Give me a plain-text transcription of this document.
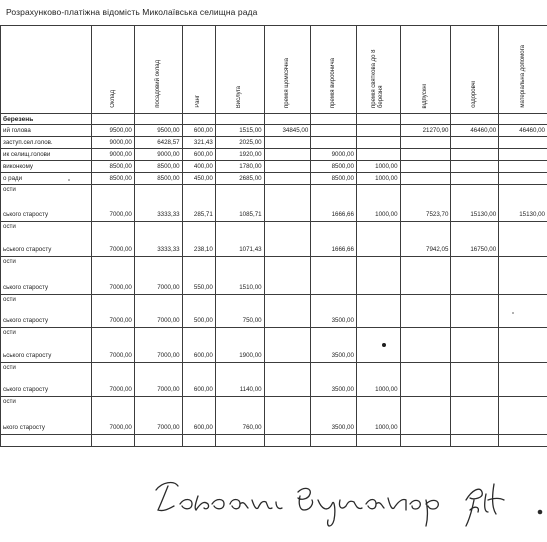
Розрахунково-платіжна відомість Миколаївська селищна рада
	Оклад	посадовий оклад	Ранг	Вислуга	премія щомісячна	премія виробнича	премія святкова до 8 березня	відпускні	оздоровчі	матеріальна допомога
березень										

ий голова	9500,00	9500,00	600,00	1515,00	34845,00			21270,90	46460,00	46460,00

заступ.сел.голов.	9000,00	6428,57	321,43	2025,00						

ик селищ.голови	9000,00	9000,00	600,00	1920,00		9000,00				

виконкому	8500,00	8500,00	400,00	1780,00		8500,00	1000,00			

о ради	8500,00	8500,00	450,00	2685,00		8500,00	1000,00			

ости
ського старосту	7000,00	3333,33	285,71	1085,71		1666,66	1000,00	7523,70	15130,00	15130,00

ости
ьського старосту	7000,00	3333,33	238,10	1071,43		1666,66		7942,05	16750,00	

ости
ського старосту	7000,00	7000,00	550,00	1510,00						

ости
ського старосту	7000,00	7000,00	500,00	750,00		3500,00				

ости
ьського старосту	7000,00	7000,00	600,00	1900,00		3500,00				

ости
ського старосту	7000,00	7000,00	600,00	1140,00		3500,00	1000,00			

ости
ького старосту	7000,00	7000,00	600,00	760,00		3500,00	1000,00			
